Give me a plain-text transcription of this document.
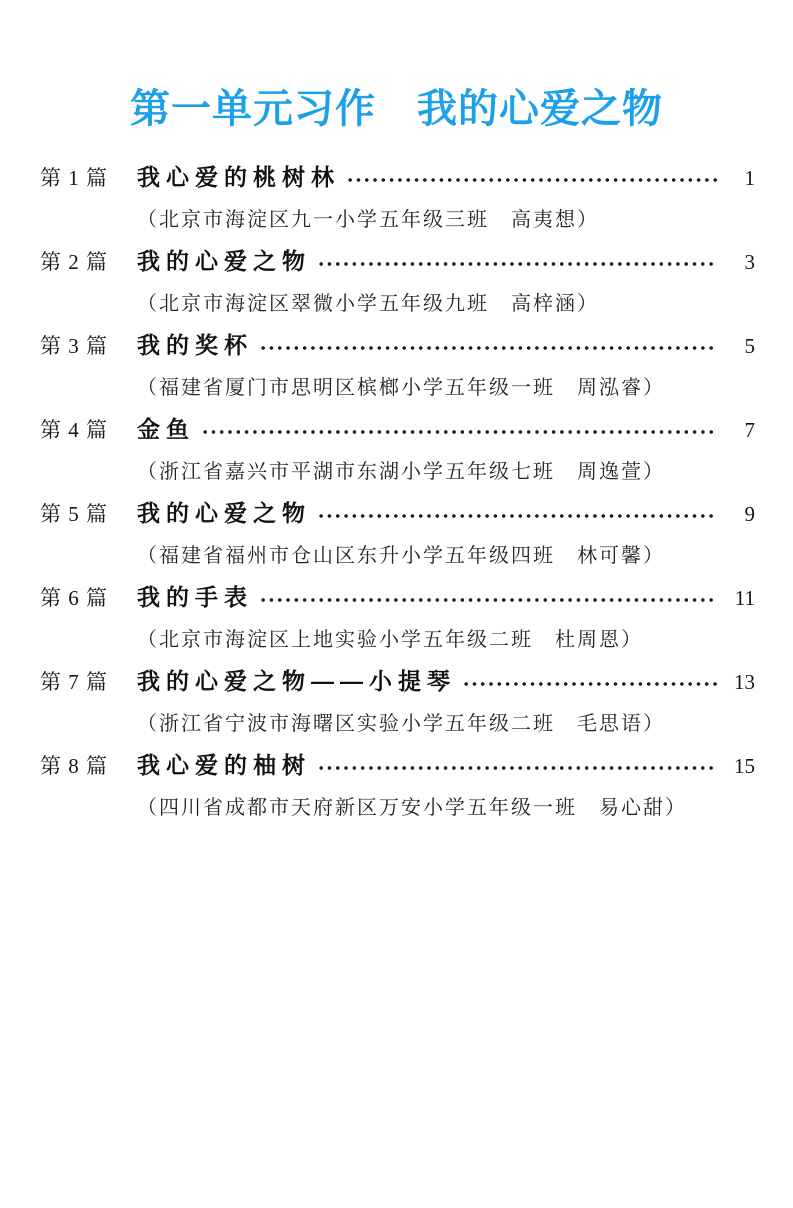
第一单元习作　我的心爱之物
第 1 篇	我心爱的桃树林	1
（北京市海淀区九一小学五年级三班　高夷想）
第 2 篇	我的心爱之物	3
（北京市海淀区翠微小学五年级九班　高梓涵）
第 3 篇	我的奖杯	5
（福建省厦门市思明区槟榔小学五年级一班　周泓睿）
第 4 篇	金鱼	7
（浙江省嘉兴市平湖市东湖小学五年级七班　周逸萱）
第 5 篇	我的心爱之物	9
（福建省福州市仓山区东升小学五年级四班　林可馨）
第 6 篇	我的手表	11
（北京市海淀区上地实验小学五年级二班　杜周恩）
第 7 篇	我的心爱之物——小提琴	13
（浙江省宁波市海曙区实验小学五年级二班　毛思语）
第 8 篇	我心爱的柚树	15
（四川省成都市天府新区万安小学五年级一班　易心甜）
